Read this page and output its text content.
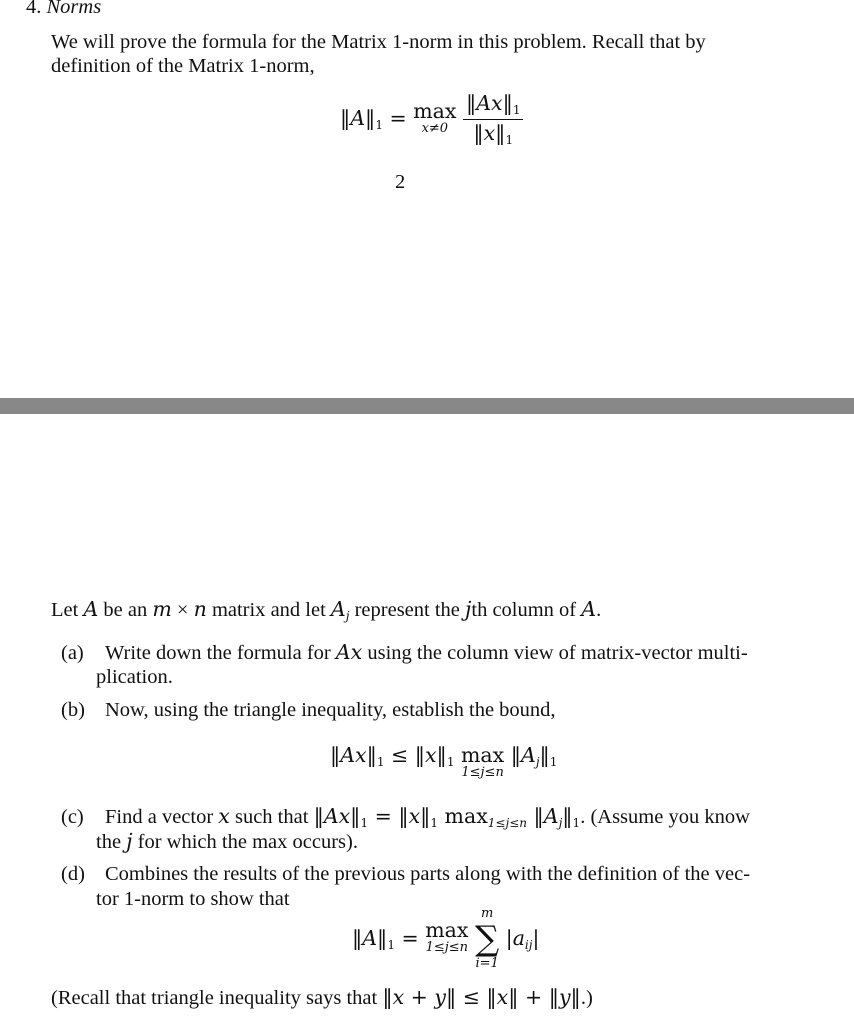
4. Norms
We will prove the formula for the Matrix 1-norm in this problem. Recall that by
definition of the Matrix 1-norm,
‖A‖1 = max
x≠0
$\frac{‖Ax‖1}{‖x‖1}$
2
Let A be an m × n matrix and let Aj represent the jth column of A.
(a) Write down the formula for Ax using the column view of matrix-vector multi-
plication.
(b) Now, using the triangle inequality, establish the bound,
‖Ax‖1 ≤ ‖x‖1 max
1≤j≤n
‖Aj‖1
(c) Find a vector x such that ‖Ax‖1 = ‖x‖1 max1≤j≤n ‖Aj‖1. (Assume you know
the j for which the max occurs).
(d) Combines the results of the previous parts along with the definition of the vec-
tor 1-norm to show that
‖A‖1 = max
1≤j≤n

m
∑
i=1
|aij|
(Recall that triangle inequality says that ‖x + y‖ ≤ ‖x‖ + ‖y‖.)
